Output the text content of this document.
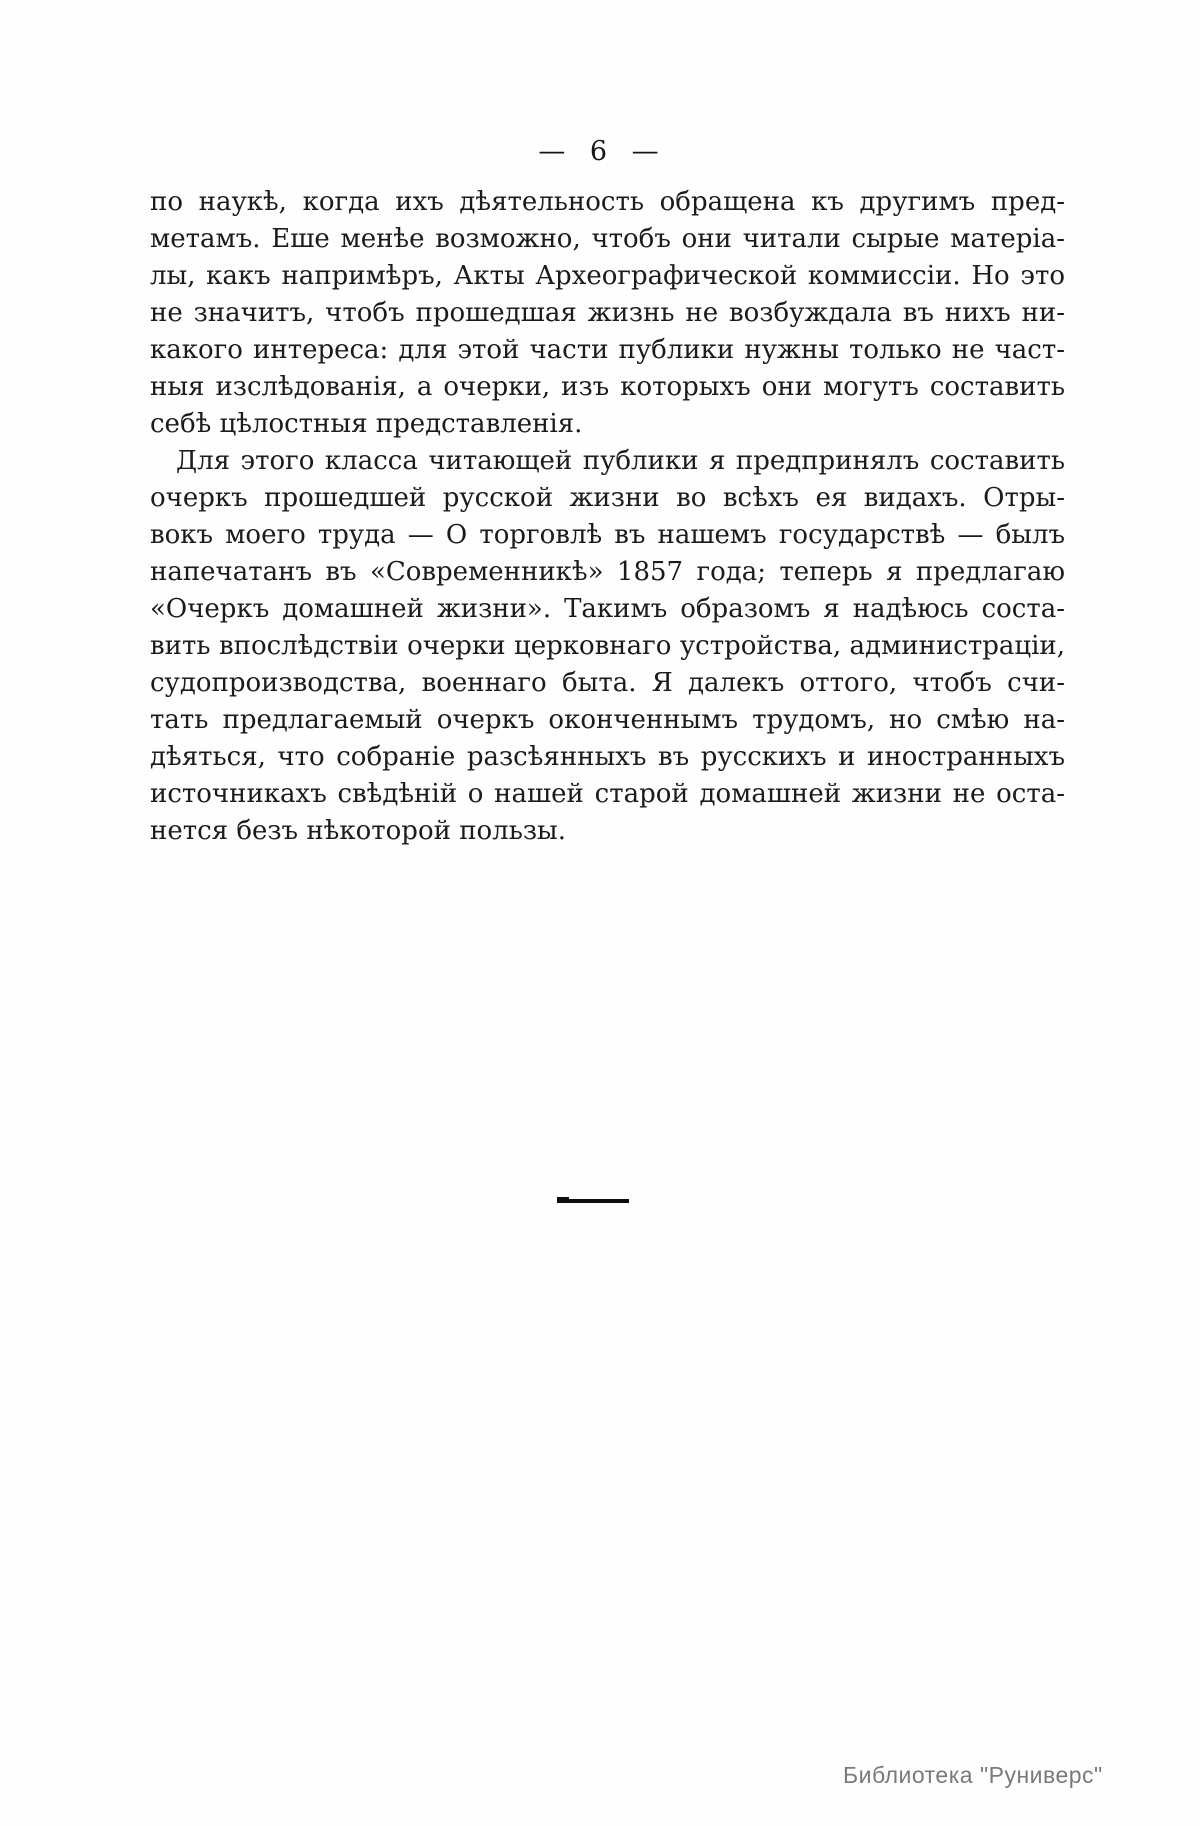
— 6 —
по наукѣ, когда ихъ дѣятельность обращена къ другимъ пред-
метамъ. Еше менѣе возможно, чтобъ они читали сырые матеріа-
лы, какъ напримѣръ, Акты Археографической коммиссіи. Но это
не значитъ, чтобъ прошедшая жизнь не возбуждала въ нихъ ни-
какого интереса: для этой части публики нужны только не част-
ныя изслѣдованія, а очерки, изъ которыхъ они могутъ составить
себѣ цѣлостныя представленія.
Для этого класса читающей публики я предпринялъ составить
очеркъ прошедшей русской жизни во всѣхъ ея видахъ. Отры-
вокъ моего труда — О торговлѣ въ нашемъ государствѣ — былъ
напечатанъ въ «Современникѣ» 1857 года; теперь я предлагаю
«Очеркъ домашней жизни». Такимъ образомъ я надѣюсь соста-
вить впослѣдствіи очерки церковнаго устройства, администраціи,
судопроизводства, военнаго быта. Я далекъ оттого, чтобъ счи-
тать предлагаемый очеркъ оконченнымъ трудомъ, но смѣю на-
дѣяться, что собраніе разсѣянныхъ въ русскихъ и иностранныхъ
источникахъ свѣдѣній о нашей старой домашней жизни не оста-
нется безъ нѣкоторой пользы.
Библиотека "Руниверс"
